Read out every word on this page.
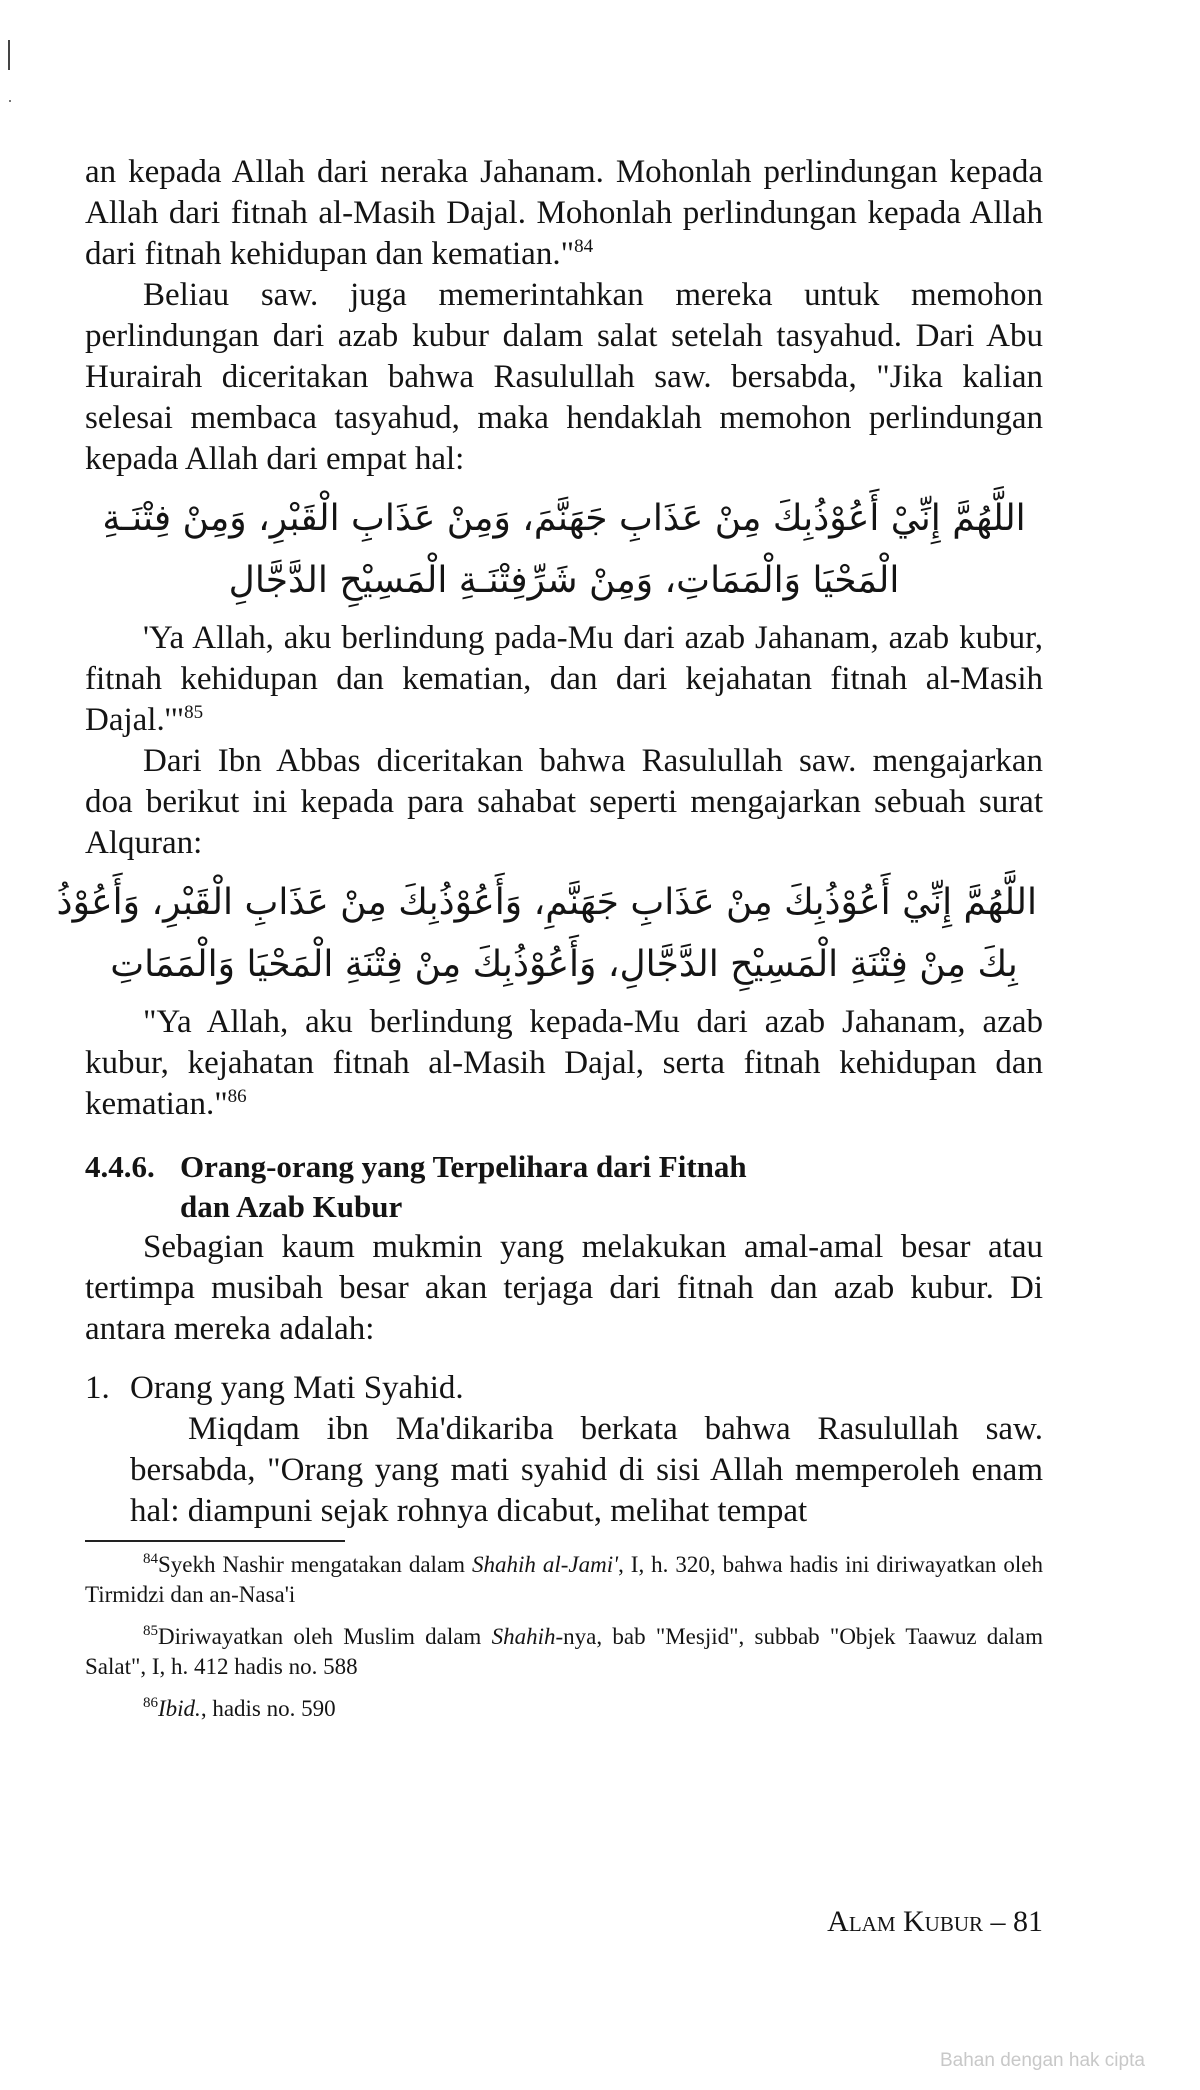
an kepada Allah dari neraka Jahanam. Mohonlah perlindungan kepada Allah dari fitnah al-Masih Dajal. Mohonlah perlindungan kepada Allah dari fitnah kehidupan dan kematian."$^{84}$

Beliau saw. juga memerintahkan mereka untuk memohon perlindungan dari azab kubur dalam salat setelah tasyahud. Dari Abu Hurairah diceritakan bahwa Rasulullah saw. bersabda, "Jika kalian selesai membaca tasyahud, maka hendaklah memohon perlindungan kepada Allah dari empat hal:

اللَّهُمَّ إِنِّيْ أَعُوْذُبِكَ مِنْ عَذَابِ جَهَنَّمَ، وَمِنْ عَذَابِ الْقَبْرِ، وَمِنْ فِتْنَـةِ
الْمَحْيَا وَالْمَمَاتِ، وَمِنْ شَرِّفِتْنَـةِ الْمَسِيْحِ الدَّجَّالِ

'Ya Allah, aku berlindung pada-Mu dari azab Jahanam, azab kubur, fitnah kehidupan dan kematian, dan dari kejahatan fitnah al-Masih Dajal.'"$^{85}$

Dari Ibn Abbas diceritakan bahwa Rasulullah saw. mengajarkan doa berikut ini kepada para sahabat seperti mengajarkan sebuah surat Alquran:

اللَّهُمَّ إِنِّيْ أَعُوْذُبِكَ مِنْ عَذَابِ جَهَنَّمِ، وَأَعُوْذُبِكَ مِنْ عَذَابِ الْقَبْرِ، وَأَعُوْذُ
بِكَ مِنْ فِتْنَةِ الْمَسِيْحِ الدَّجَّالِ، وَأَعُوْذُبِكَ مِنْ فِتْنَةِ الْمَحْيَا وَالْمَمَاتِ

"Ya Allah, aku berlindung kepada-Mu dari azab Jahanam, azab kubur, kejahatan fitnah al-Masih Dajal, serta fitnah kehidupan dan kematian."$^{86}$

4.4.6. Orang-orang yang Terpelihara dari Fitnah
dan Azab Kubur

Sebagian kaum mukmin yang melakukan amal-amal besar atau tertimpa musibah besar akan terjaga dari fitnah dan azab kubur. Di antara mereka adalah:

1. Orang yang Mati Syahid.

Miqdam ibn Ma'dikariba berkata bahwa Rasulullah saw. bersabda, "Orang yang mati syahid di sisi Allah memperoleh enam hal: diampuni sejak rohnya dicabut, melihat tempat

$^{84}$Syekh Nashir mengatakan dalam Shahih al-Jami', I, h. 320, bahwa hadis ini diriwayatkan oleh Tirmidzi dan an-Nasa'i
$^{85}$Diriwayatkan oleh Muslim dalam Shahih-nya, bab "Mesjid", subbab "Objek Taawuz dalam Salat", I, h. 412 hadis no. 588
$^{86}$Ibid., hadis no. 590
Alam Kubur – 81
Bahan dengan hak cipta
